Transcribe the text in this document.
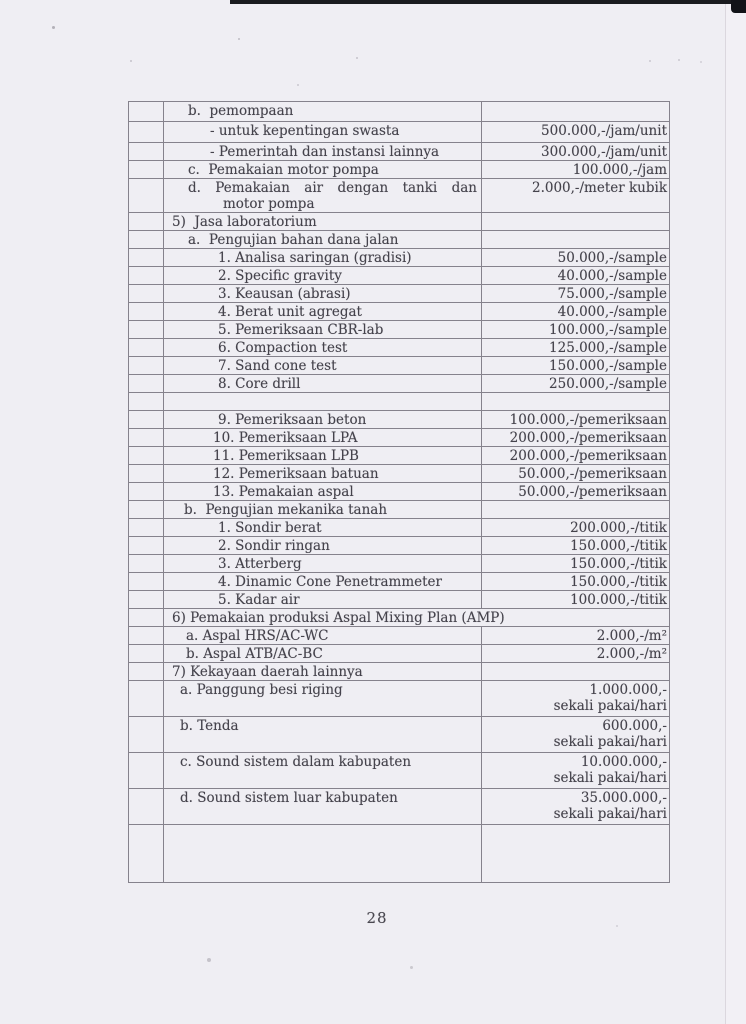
	b.  pemompaan	

	- untuk kepentingan swasta	500.000,-/jam/unit

	- Pemerintah dan instansi lainnya	300.000,-/jam/unit

	c.  Pemakaian motor pompa	100.000,-/jam

	d. Pemakaian air dengan tanki dan
motor pompa	2.000,-/meter kubik

	5)  Jasa laboratorium	

	a.  Pengujian bahan dana jalan	

	1. Analisa saringan (gradisi)	50.000,-/sample

	2. Specific gravity	40.000,-/sample

	3. Keausan (abrasi)	75.000,-/sample

	4. Berat unit agregat	40.000,-/sample

	5. Pemeriksaan CBR-lab	100.000,-/sample

	6. Compaction test	125.000,-/sample

	7. Sand cone test	150.000,-/sample

	8. Core drill	250.000,-/sample

	9. Pemeriksaan beton	100.000,-/pemeriksaan

	10. Pemeriksaan LPA	200.000,-/pemeriksaan

	11. Pemeriksaan LPB	200.000,-/pemeriksaan

	12. Pemeriksaan batuan	50.000,-/pemeriksaan

	13. Pemakaian aspal	50.000,-/pemeriksaan

	b.  Pengujian mekanika tanah	

	1. Sondir berat	200.000,-/titik

	2. Sondir ringan	150.000,-/titik

	3. Atterberg	150.000,-/titik

	4. Dinamic Cone Penetrammeter	150.000,-/titik

	5. Kadar air	100.000,-/titik

	6) Pemakaian produksi Aspal Mixing Plan (AMP)	

	a. Aspal HRS/AC-WC	2.000,-/m²

	b. Aspal ATB/AC-BC	2.000,-/m²

	7) Kekayaan daerah lainnya	

	a. Panggung besi riging	1.000.000,-
sekali pakai/hari

	b. Tenda	600.000,-
sekali pakai/hari

	c. Sound sistem dalam kabupaten	10.000.000,-
sekali pakai/hari

	d. Sound sistem luar kabupaten	35.000.000,-
sekali pakai/hari

28
